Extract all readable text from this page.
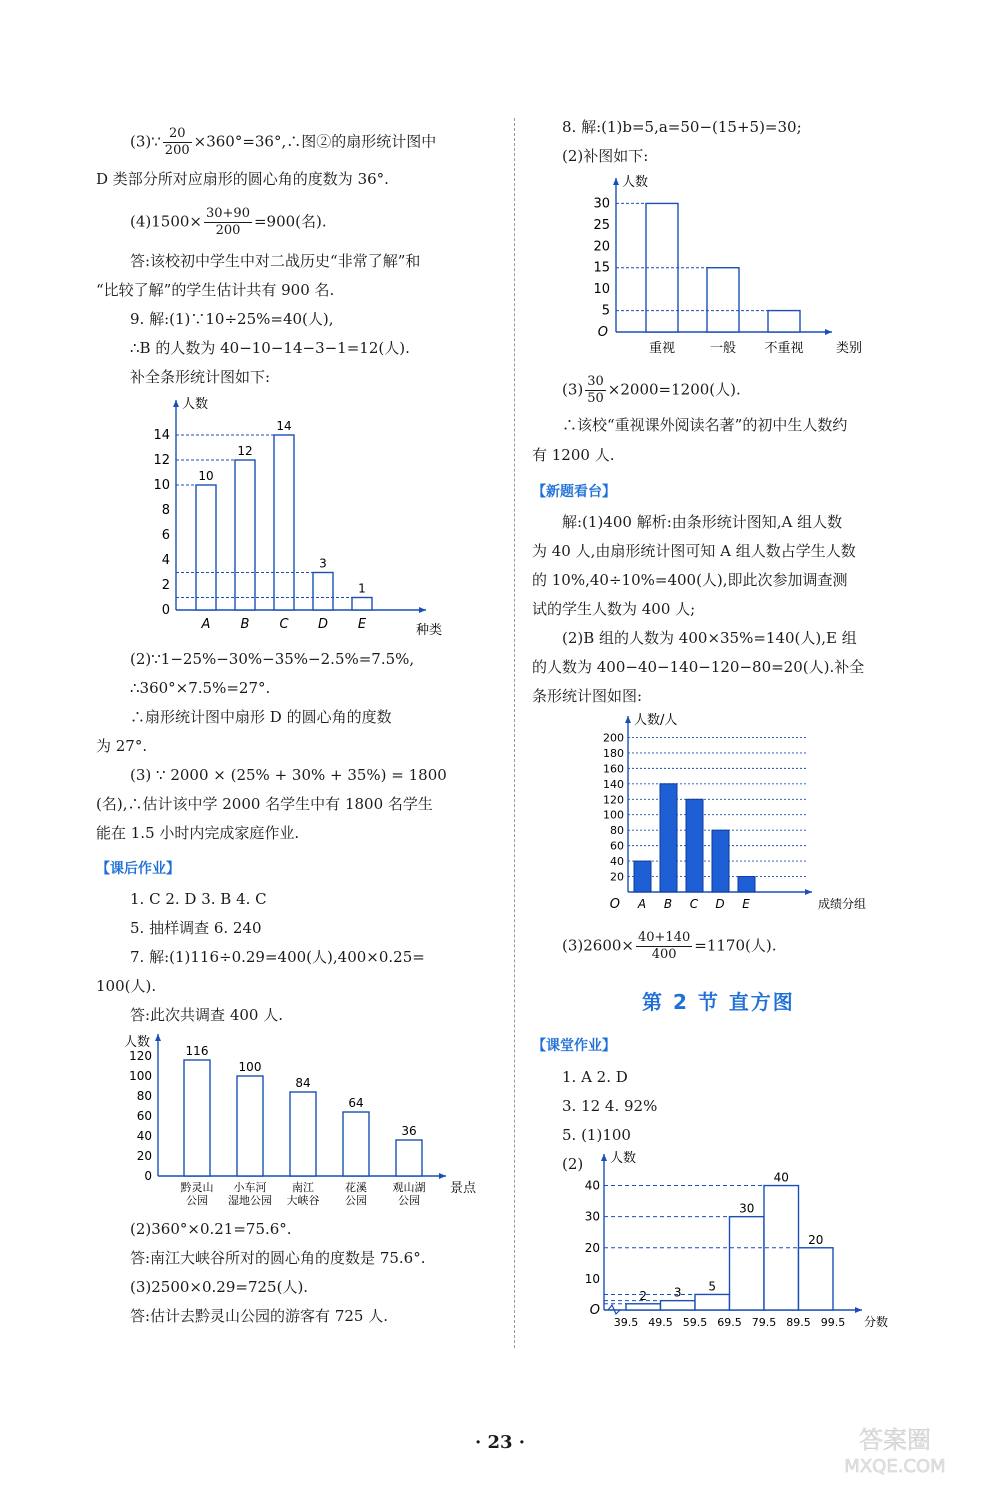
(3)∵ $\frac{20}{200}$ ×360°=36°,∴图②的扇形统计图中
D 类部分所对应扇形的圆心角的度数为 36°.
$(4)1500\times \frac{30+90}{200} =900$(名).
答:该校初中学生中对二战历史“非常了解”和
“比较了解”的学生估计共有 900 名.
9. 解:(1)∵10÷25%=40(人),
∴B 的人数为 40−10−14−3−1=12(人).
补全条形统计图如下:
人数
0
2
4
6
8
10
12
14
10
A
12
B
14
C
3
D
1
E	种类
(2)∵1−25%−30%−35%−2.5%=7.5%,
∴360°×7.5%=27°.
∴扇形统计图中扇形 D 的圆心角的度数
为 27°.
(3) ∵ 2000 × (25% + 30% + 35%) = 1800
(名),∴估计该中学 2000 名学生中有 1800 名学生
能在 1.5 小时内完成家庭作业.
【课后作业】
1. C 2. D 3. B 4. C
5. 抽样调查 6. 240
7. 解:(1)116÷0.29=400(人),400×0.25=
100(人).
答:此次共调查 400 人.
人数
0
20
40
60
80
100
120	116
黔灵山公园
100
小车河湿地公园
84
南江大峡谷
64
花溪公园
36
观山湖公园
景点
(2)360°×0.21=75.6°.
答:南江大峡谷所对的圆心角的度数是 75.6°.
(3)2500×0.29=725(人).
答:估计去黔灵山公园的游客有 725 人.
8. 解:(1)b=5,a=50−(15+5)=30;
(2)补图如下:
人数
O
5
10
15
20
25
30
重视	一般 不重视 类别
$(3) \frac{30}{50} \times 2000=1200$(人).
∴该校“重视课外阅读名著”的初中生人数约
有 1200 人.
【新题看台】
解:(1)400 解析:由条形统计图知,A 组人数
为 40 人,由扇形统计图可知 A 组人数占学生人数
的 10%,40÷10%=400(人),即此次参加调查测
试的学生人数为 400 人;
(2)B 组的人数为 400×35%=140(人),E 组
的人数为 400−40−140−120−80=20(人).补全
条形统计图如图:
人数/人
O
20
40
60
80
100
120
140
160
180
200
A B C D E	成绩分组
$(3)2600\times \frac{40+140}{400} =1170$(人).
第 2 节 直方图
【课堂作业】
1. A 2. D
3. 12 4. 92%
5. (1)100
(2) 人数
O
10
20
30
40
2 3 5
30
40
20
39.5 49.5 59.5 69.5 79.5 89.5 99.5 分数
· 23 ·	答案圈
MXQE.COM
